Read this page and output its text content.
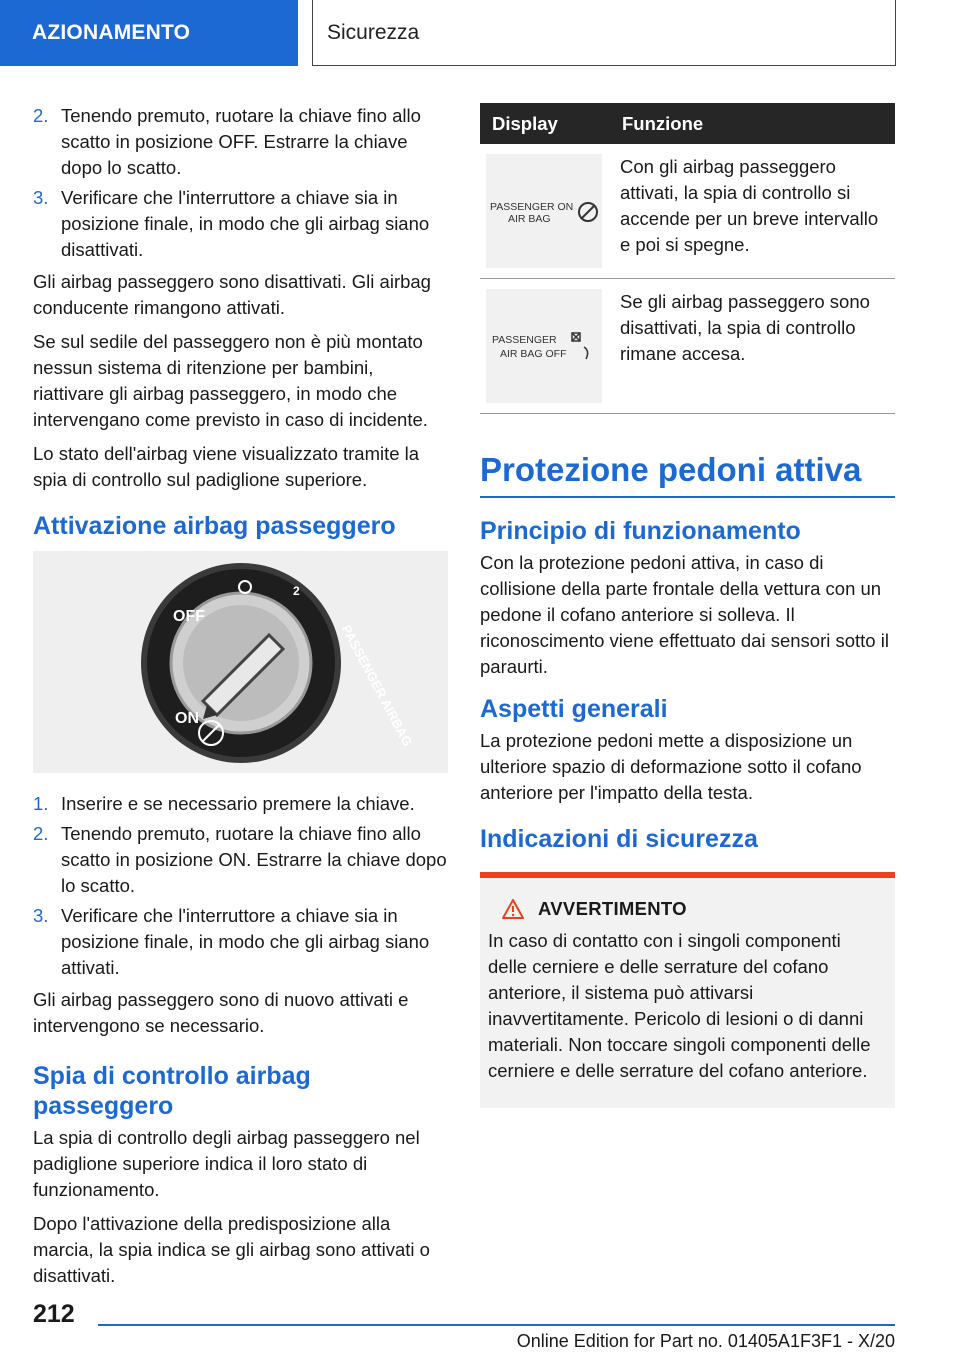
AZIONAMENTO	Sicurezza
2. Tenendo premuto, ruotare la chiave fino allo scatto in posizione OFF. Estrarre la chiave dopo lo scatto.
3. Verificare che l'interruttore a chiave sia in posizione finale, in modo che gli airbag siano disattivati.

Gli airbag passeggero sono disattivati. Gli airbag conducente rimangono attivati.

Se sul sedile del passeggero non è più montato nessun sistema di ritenzione per bambini, riattivare gli airbag passeggero, in modo che intervengano come previsto in caso di incidente.

Lo stato dell'airbag viene visualizzato tramite la spia di controllo sul padiglione superiore.

Attivazione airbag passeggero
OFF
ON
2
PASSENGER AIRBAG
1. Inserire e se necessario premere la chiave.
2. Tenendo premuto, ruotare la chiave fino allo scatto in posizione ON. Estrarre la chiave dopo lo scatto.
3. Verificare che l'interruttore a chiave sia in posizione finale, in modo che gli airbag siano attivati.

Gli airbag passeggero sono di nuovo attivati e intervengono se necessario.

Spia di controllo airbag passeggero

La spia di controllo degli airbag passeggero nel padiglione superiore indica il loro stato di funzionamento.

Dopo l'attivazione della predisposizione alla marcia, la spia indica se gli airbag sono attivati o disattivati.

Display	Funzione

PASSENGER ON
AIR BAG	Con gli airbag passeggero attivati, la spia di controllo si accende per un breve intervallo e poi si spegne.

PASSENGER
AIR BAG OFF	Se gli airbag passeggero sono disattivati, la spia di controllo rimane accesa.
Protezione pedoni attiva
Principio di funzionamento

Con la protezione pedoni attiva, in caso di collisione della parte frontale della vettura con un pedone il cofano anteriore si solleva. Il riconoscimento viene effettuato dai sensori sotto il paraurti.

Aspetti generali

La protezione pedoni mette a disposizione un ulteriore spazio di deformazione sotto il cofano anteriore per l'impatto della testa.

Indicazioni di sicurezza
AVVERTIMENTO
In caso di contatto con i singoli componenti delle cerniere e delle serrature del cofano anteriore, il sistema può attivarsi inavvertitamente. Pericolo di lesioni o di danni materiali. Non toccare singoli componenti delle cerniere e delle serrature del cofano anteriore.
212
Online Edition for Part no. 01405A1F3F1 - X/20
